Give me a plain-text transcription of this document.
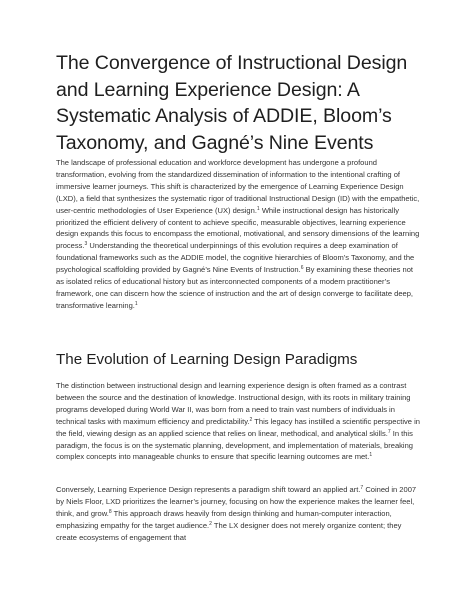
The Convergence of Instructional Design and Learning Experience Design: A Systematic Analysis of ADDIE, Bloom’s Taxonomy, and Gagné’s Nine Events

The landscape of professional education and workforce development has undergone a profound transformation, evolving from the standardized dissemination of information to the intentional crafting of immersive learner journeys. This shift is characterized by the emergence of Learning Experience Design (LXD), a field that synthesizes the systematic rigor of traditional Instructional Design (ID) with the empathetic, user-centric methodologies of User Experience (UX) design.$^1$ While instructional design has historically prioritized the efficient delivery of content to achieve specific, measurable objectives, learning experience design expands this focus to encompass the emotional, motivational, and sensory dimensions of the learning process.$^3$ Understanding the theoretical underpinnings of this evolution requires a deep examination of foundational frameworks such as the ADDIE model, the cognitive hierarchies of Bloom’s Taxonomy, and the psychological scaffolding provided by Gagné’s Nine Events of Instruction.$^6$ By examining these theories not as isolated relics of educational history but as interconnected components of a modern practitioner’s framework, one can discern how the science of instruction and the art of design converge to facilitate deep, transformative learning.$^1$

The Evolution of Learning Design Paradigms

The distinction between instructional design and learning experience design is often framed as a contrast between the source and the destination of knowledge. Instructional design, with its roots in military training programs developed during World War II, was born from a need to train vast numbers of individuals in technical tasks with maximum efficiency and predictability.$^2$ This legacy has instilled a scientific perspective in the field, viewing design as an applied science that relies on linear, methodical, and analytical skills.$^7$ In this paradigm, the focus is on the systematic planning, development, and implementation of materials, breaking complex concepts into manageable chunks to ensure that specific learning outcomes are met.$^1$

Conversely, Learning Experience Design represents a paradigm shift toward an applied art.$^7$ Coined in 2007 by Niels Floor, LXD prioritizes the learner’s journey, focusing on how the experience makes the learner feel, think, and grow.$^8$ This approach draws heavily from design thinking and human-computer interaction, emphasizing empathy for the target audience.$^2$ The LX designer does not merely organize content; they create ecosystems of engagement that
